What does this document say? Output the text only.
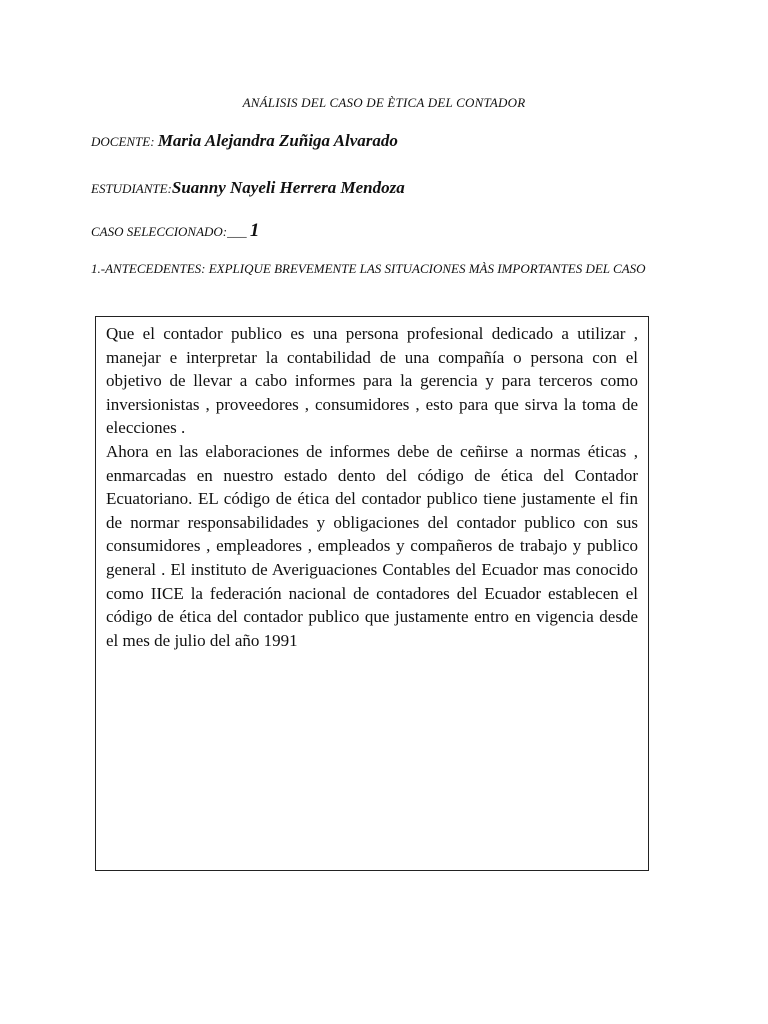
ANÁLISIS DEL CASO DE ÈTICA DEL CONTADOR
DOCENTE: Maria Alejandra Zuñiga Alvarado
ESTUDIANTE:Suanny Nayeli Herrera Mendoza
CASO SELECCIONADO:___ 1
1.-ANTECEDENTES: EXPLIQUE BREVEMENTE LAS SITUACIONES MÀS IMPORTANTES DEL CASO

Que el contador publico es una persona profesional dedicado a utilizar , manejar e interpretar la contabilidad de una compañía o persona con el objetivo de llevar a cabo informes para la gerencia y para terceros como inversionistas , proveedores , consumidores , esto para que sirva la toma de elecciones .

Ahora en las elaboraciones de informes debe de ceñirse a normas éticas , enmarcadas en nuestro estado dento del código de ética del Contador Ecuatoriano. EL código de ética del contador publico tiene justamente el fin de normar responsabilidades y obligaciones del contador publico con sus consumidores , empleadores , empleados y compañeros de trabajo y publico general . El instituto de Averiguaciones Contables del Ecuador mas conocido como IICE la federación nacional de contadores del Ecuador establecen el código de ética del contador publico que justamente entro en vigencia desde el mes de julio del año 1991
